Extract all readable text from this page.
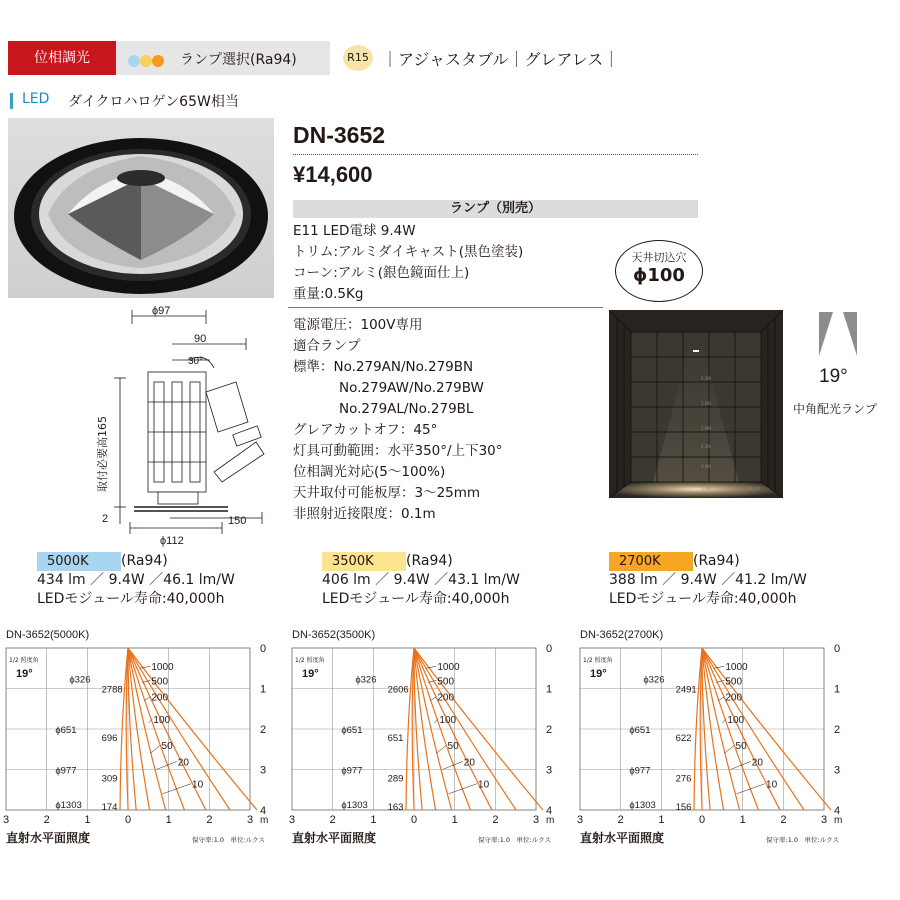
位相調光	ランプ選択(Ra94)	R15 ｜アジャスタブル｜グレアレス｜
LED ダイクロハロゲン65W相当
DN-3652
¥14,600
ランプ（別売）
E11 LED電球 9.4W
トリム:アルミダイキャスト(黒色塗装)
コーン:アルミ(銀色鏡面仕上)
重量:0.5Kg
天井切込穴
ϕ100
電源電圧：100V専用
適合ランプ
標準：No.279AN/No.279BN
No.279AW/No.279BW
No.279AL/No.279BL
グレアカットオフ：45°
灯具可動範囲：水平350°/上下30°
位相調光対応(5〜100%)
天井取付可能板厚：3〜25mm
非照射近接限度：0.1m
ϕ97
90
30°
取付必要高165
2
ϕ112
150
1.5M
1.0M
2.0M
2.5M
3.0M
3.5M	Ω0.5M
19°
中角配光ランプ
5000K (Ra94)
434 lm ／ 9.4W ／46.1 lm/W
LEDモジュール寿命:40,000h
3500K (Ra94)
406 lm ／ 9.4W ／43.1 lm/W
LEDモジュール寿命:40,000h
2700K (Ra94)
388 lm ／ 9.4W ／41.2 lm/W
LEDモジュール寿命:40,000h
DN-3652(5000K)
0
1
2
3
4
3	2	1	0	1	2	3 m
1/2 照度角
19°
1000
500
200
100
50
20
10
ϕ326
ϕ651
ϕ977
ϕ1303
2788
696
309
174
直射水平面照度	保守率:1.0　単位:ルクス
DN-3652(3500K)
0
1
2
3
4
3	2	1	0	1	2	3 m
1/2 照度角
19°
1000
500
200
100
50
20
10
ϕ326
ϕ651
ϕ977
ϕ1303
2606
651
289
163
直射水平面照度	保守率:1.0　単位:ルクス
DN-3652(2700K)
0
1
2
3
4
3	2	1	0	1	2	3 m
1/2 照度角
19°
1000
500
200
100
50
20
10
ϕ326
ϕ651
ϕ977
ϕ1303
2491
622
276
156
直射水平面照度	保守率:1.0　単位:ルクス
